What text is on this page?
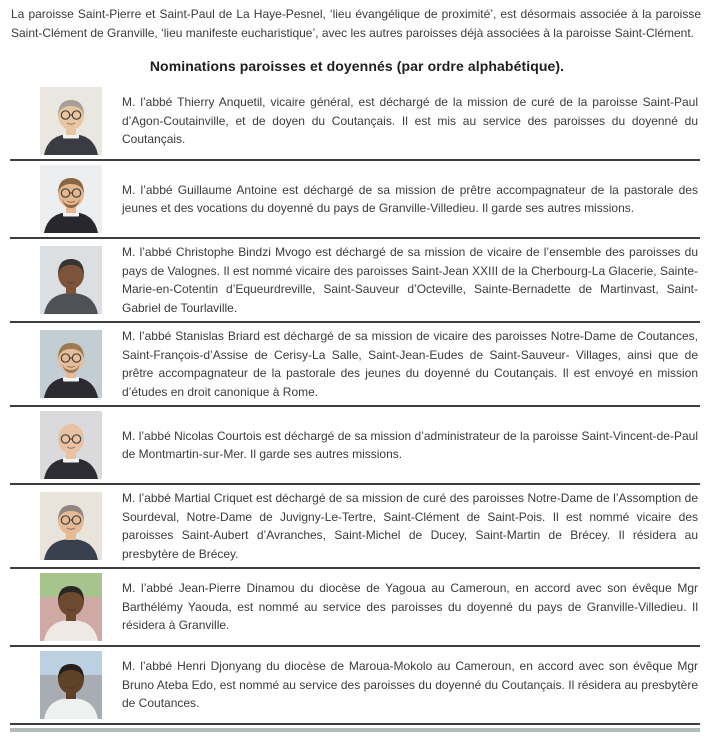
La paroisse Saint-Pierre et Saint-Paul de La Haye-Pesnel, ‘lieu évangélique de proximité’, est désormais associée à la paroisse Saint-Clément de Granville, ‘lieu manifeste eucharistique’, avec les autres paroisses déjà associées à la paroisse Saint-Clément.

Nominations paroisses et doyennés (par ordre alphabétique).

M. l’abbé Thierry Anquetil, vicaire général, est déchargé de la mission de curé de la paroisse Saint-Paul d’Agon-Coutainville, et de doyen du Coutançais. Il est mis au service des paroisses du doyenné du Coutançais.

M. l’abbé Guillaume Antoine est déchargé de sa mission de prêtre accompagnateur de la pastorale des jeunes et des vocations du doyenné du pays de Granville-Villedieu. Il garde ses autres missions.

M. l’abbé Christophe Bindzi Mvogo est déchargé de sa mission de vicaire de l’ensemble des paroisses du pays de Valognes. Il est nommé vicaire des paroisses Saint-Jean XXIII de la Cherbourg-La Glacerie, Sainte-Marie-en-Cotentin d’Equeurdreville, Saint-Sauveur d’Octeville, Sainte-Bernadette de Martinvast, Saint-Gabriel de Tourlaville.

M. l’abbé Stanislas Briard est déchargé de sa mission de vicaire des paroisses Notre-Dame de Coutances, Saint-François-d’Assise de Cerisy-La Salle, Saint-Jean-Eudes de Saint-Sauveur- Villages, ainsi que de prêtre accompagnateur de la pastorale des jeunes du doyenné du Coutançais. Il est envoyé en mission d’études en droit canonique à Rome.

M. l’abbé Nicolas Courtois est déchargé de sa mission d’administrateur de la paroisse Saint-Vincent-de-Paul de Montmartin-sur-Mer. Il garde ses autres missions.

M. l’abbé Martial Criquet est déchargé de sa mission de curé des paroisses Notre-Dame de l’Assomption de Sourdeval, Notre-Dame de Juvigny-Le-Tertre, Saint-Clément de Saint-Pois. Il est nommé vicaire des paroisses Saint-Aubert d’Avranches, Saint-Michel de Ducey, Saint-Martin de Brécey. Il résidera au presbytère de Brécey.

M. l’abbé Jean-Pierre Dinamou du diocèse de Yagoua au Cameroun, en accord avec son évêque Mgr Barthélémy Yaouda, est nommé au service des paroisses du doyenné du pays de Granville-Villedieu. Il résidera à Granville.

M. l’abbé Henri Djonyang du diocèse de Maroua-Mokolo au Cameroun, en accord avec son évêque Mgr Bruno Ateba Edo, est nommé au service des paroisses du doyenné du Coutançais. Il résidera au presbytère de Coutances.
